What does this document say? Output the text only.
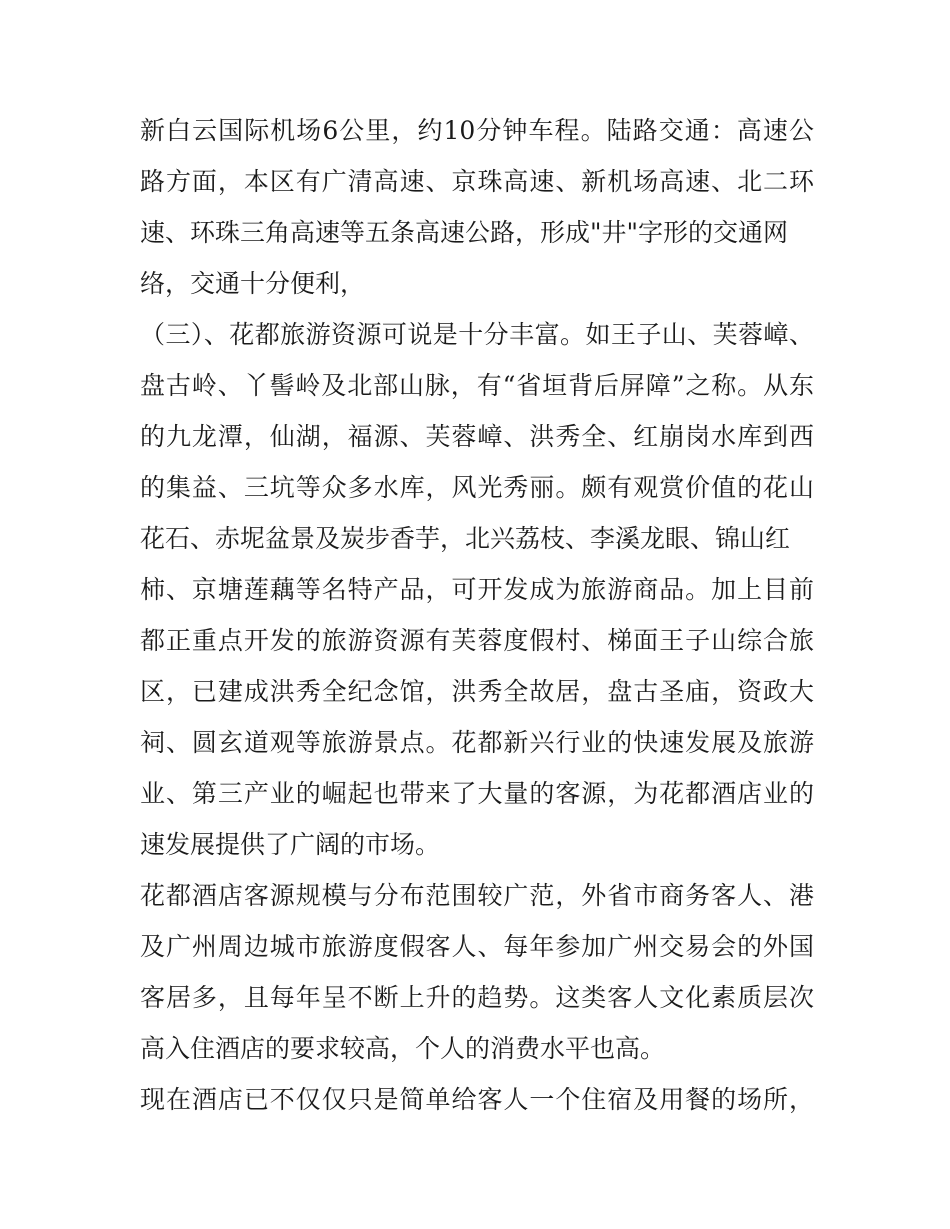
新白云国际机场6公里，约10分钟车程。陆路交通：高速公
路方面，本区有广清高速、京珠高速、新机场高速、北二环
速、环珠三角高速等五条高速公路，形成"井"字形的交通网
络，交通十分便利，
（三）、花都旅游资源可说是十分丰富。如王子山、芙蓉嶂、
盘古岭、丫髻岭及北部山脉，有“省垣背后屏障”之称。从东
的九龙潭，仙湖，福源、芙蓉嶂、洪秀全、红崩岗水库到西
的集益、三坑等众多水库，风光秀丽。颇有观赏价值的花山
花石、赤坭盆景及炭步香芋，北兴荔枝、李溪龙眼、锦山红
柿、京塘莲藕等名特产品，可开发成为旅游商品。加上目前
都正重点开发的旅游资源有芙蓉度假村、梯面王子山综合旅
区，已建成洪秀全纪念馆，洪秀全故居，盘古圣庙，资政大
祠、圆玄道观等旅游景点。花都新兴行业的快速发展及旅游
业、第三产业的崛起也带来了大量的客源，为花都酒店业的
速发展提供了广阔的市场。
花都酒店客源规模与分布范围较广范，外省市商务客人、港
及广州周边城市旅游度假客人、每年参加广州交易会的外国
客居多，且每年呈不断上升的趋势。这类客人文化素质层次
高入住酒店的要求较高，个人的消费水平也高。
现在酒店已不仅仅只是简单给客人一个住宿及用餐的场所，
